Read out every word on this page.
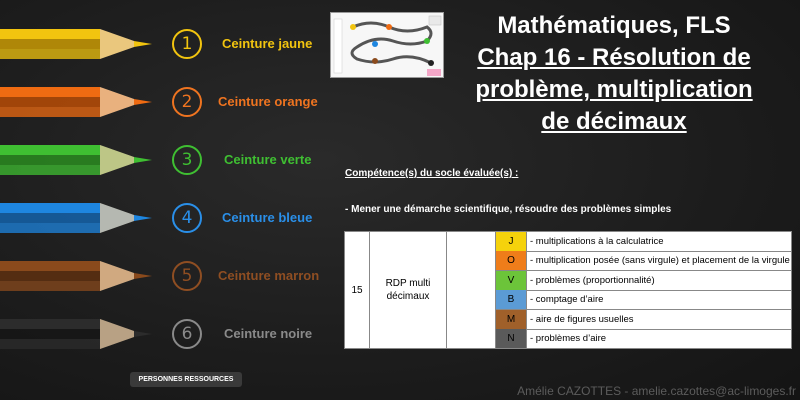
1	Ceinture jaune
2	Ceinture orange
3	Ceinture verte
4	Ceinture bleue
5	Ceinture marron
6	Ceinture noire
Mathématiques, FLS
Chap 16 - Résolution de
problème, multiplication
de décimaux
Compétence(s) du socle évaluée(s) :
- Mener une démarche scientifique, résoudre des problèmes simples
15
RDP multi
décimaux
J	- multiplications à la calculatrice
O	- multiplication posée (sans virgule) et placement de la virgule
V	- problèmes (proportionnalité)
B	- comptage d’aire
M	- aire de figures usuelles
N	- problèmes d’aire
PERSONNES RESSOURCES
Amélie CAZOTTES - amelie.cazottes@ac-limoges.fr
